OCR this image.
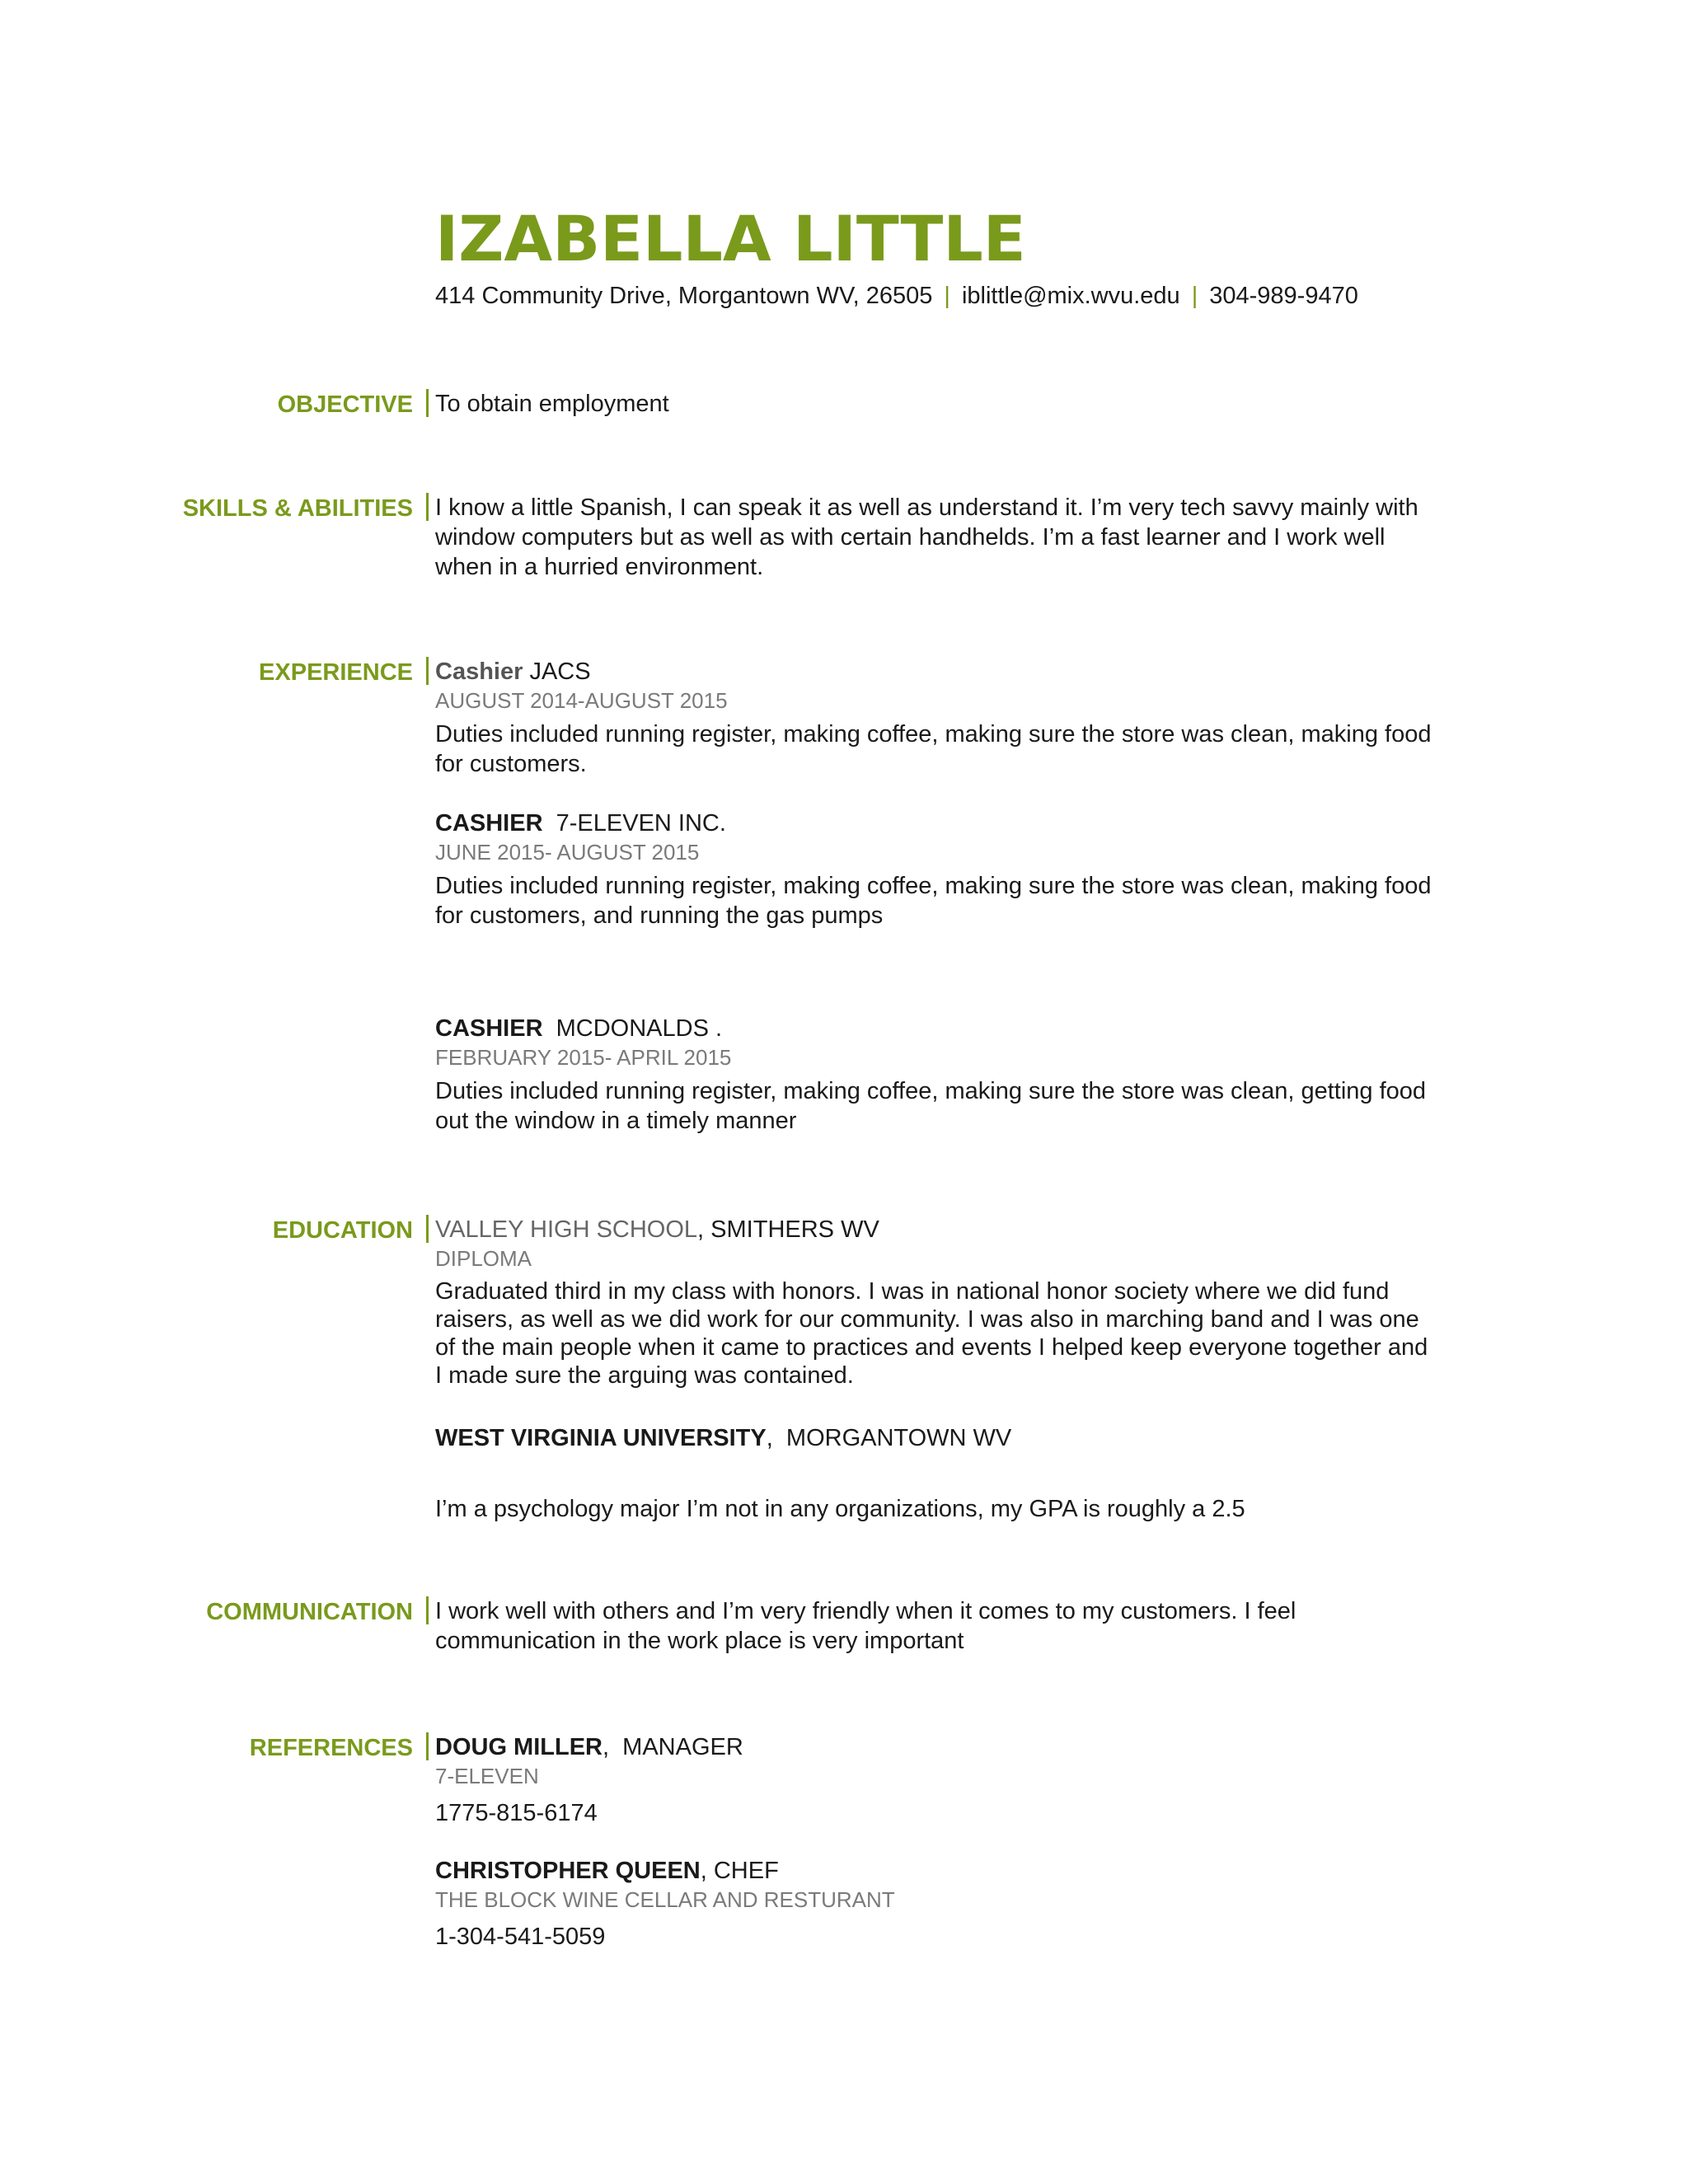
IZABELLA LITTLE
414 Community Drive, Morgantown WV, 26505 | iblittle@mix.wvu.edu | 304-989-9470
OBJECTIVE To obtain employment

SKILLS & ABILITIES I know a little Spanish, I can speak it as well as understand it. I’m very tech savvy mainly with window computers but as well as with certain handhelds. I’m a fast learner and I work well when in a hurried environment.

EXPERIENCE Cashier JACS
AUGUST 2014-AUGUST 2015

Duties included running register, making coffee, making sure the store was clean, making food for customers.

CASHIER 7-ELEVEN INC.
JUNE 2015- AUGUST 2015

Duties included running register, making coffee, making sure the store was clean, making food for customers, and running the gas pumps

CASHIER MCDONALDS .
FEBRUARY 2015- APRIL 2015

Duties included running register, making coffee, making sure the store was clean, getting food out the window in a timely manner

EDUCATION VALLEY HIGH SCHOOL, SMITHERS WV
DIPLOMA

Graduated third in my class with honors. I was in national honor society where we did fund raisers, as well as we did work for our community. I was also in marching band and I was one of the main people when it came to practices and events I helped keep everyone together and I made sure the arguing was contained.

WEST VIRGINIA UNIVERSITY,  MORGANTOWN WV

I’m a psychology major I’m not in any organizations, my GPA is roughly a 2.5

COMMUNICATION I work well with others and I’m very friendly when it comes to my customers. I feel communication in the work place is very important

REFERENCES DOUG MILLER,  MANAGER
7-ELEVEN
1775-815-6174
CHRISTOPHER QUEEN, CHEF
THE BLOCK WINE CELLAR AND RESTURANT
1-304-541-5059
